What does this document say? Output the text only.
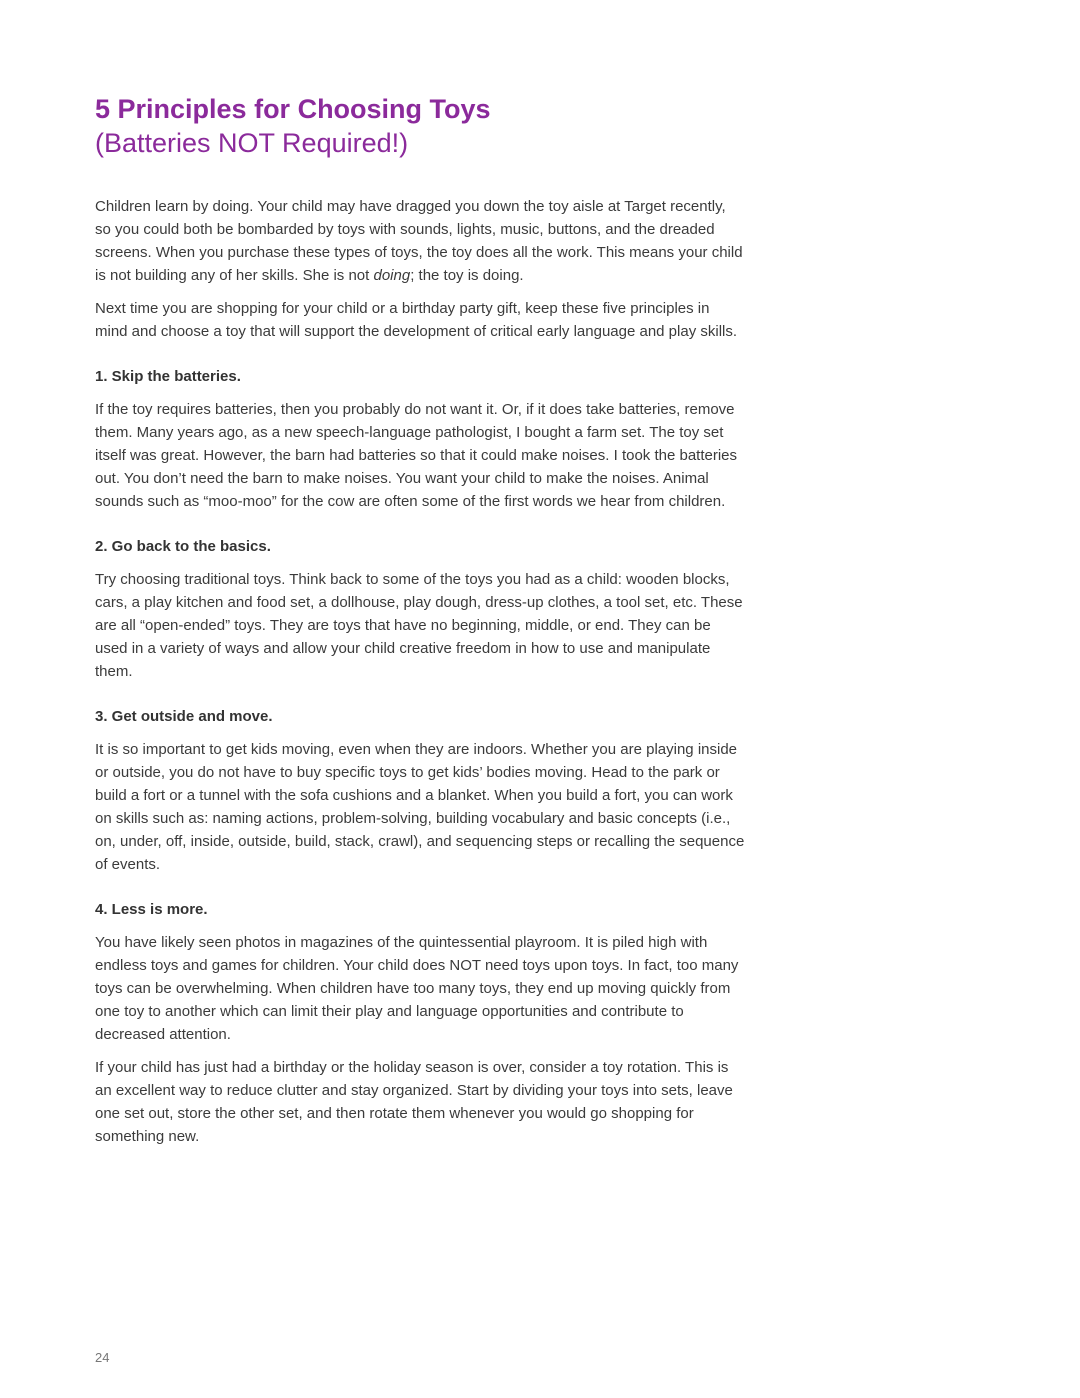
5 Principles for Choosing Toys
(Batteries NOT Required!)

Children learn by doing. Your child may have dragged you down the toy aisle at Target recently, so you could both be bombarded by toys with sounds, lights, music, buttons, and the dreaded screens. When you purchase these types of toys, the toy does all the work. This means your child is not building any of her skills. She is not doing; the toy is doing.

Next time you are shopping for your child or a birthday party gift, keep these five principles in mind and choose a toy that will support the development of critical early language and play skills.

1. Skip the batteries.

If the toy requires batteries, then you probably do not want it. Or, if it does take batteries, remove them. Many years ago, as a new speech-language pathologist, I bought a farm set. The toy set itself was great. However, the barn had batteries so that it could make noises. I took the batteries out. You don’t need the barn to make noises. You want your child to make the noises. Animal sounds such as “moo-moo” for the cow are often some of the first words we hear from children.

2. Go back to the basics.

Try choosing traditional toys. Think back to some of the toys you had as a child: wooden blocks, cars, a play kitchen and food set, a dollhouse, play dough, dress-up clothes, a tool set, etc. These are all “open-ended” toys. They are toys that have no beginning, middle, or end. They can be used in a variety of ways and allow your child creative freedom in how to use and manipulate them.

3. Get outside and move.

It is so important to get kids moving, even when they are indoors. Whether you are playing inside or outside, you do not have to buy specific toys to get kids’ bodies moving. Head to the park or build a fort or a tunnel with the sofa cushions and a blanket. When you build a fort, you can work on skills such as: naming actions, problem-solving, building vocabulary and basic concepts (i.e., on, under, off, inside, outside, build, stack, crawl), and sequencing steps or recalling the sequence of events.

4. Less is more.

You have likely seen photos in magazines of the quintessential playroom. It is piled high with endless toys and games for children. Your child does NOT need toys upon toys. In fact, too many toys can be overwhelming. When children have too many toys, they end up moving quickly from one toy to another which can limit their play and language opportunities and contribute to decreased attention.

If your child has just had a birthday or the holiday season is over, consider a toy rotation. This is an excellent way to reduce clutter and stay organized. Start by dividing your toys into sets, leave one set out, store the other set, and then rotate them whenever you would go shopping for something new.

24
